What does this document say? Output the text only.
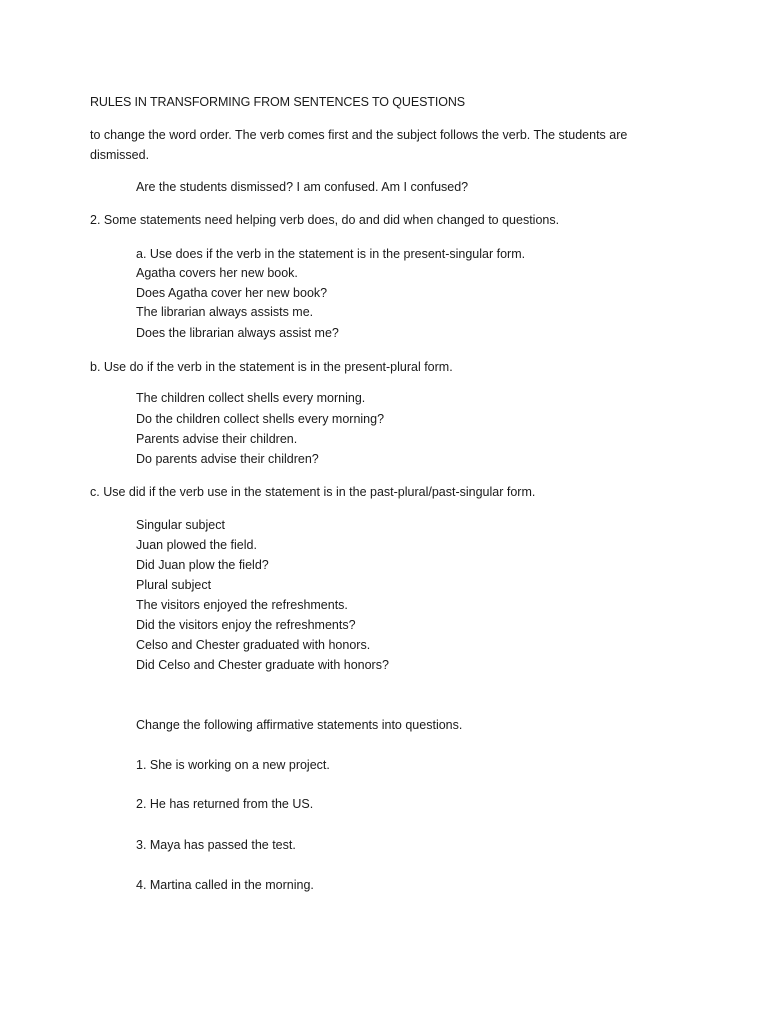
RULES IN TRANSFORMING FROM SENTENCES TO QUESTIONS
to change the word order. The verb comes first and the subject follows the verb. The students are
dismissed.
Are the students dismissed? I am confused. Am I confused?
2. Some statements need helping verb does, do and did when changed to questions.
a. Use does if the verb in the statement is in the present-singular form.
Agatha covers her new book.
Does Agatha cover her new book?
The librarian always assists me.
Does the librarian always assist me?
b. Use do if the verb in the statement is in the present-plural form.
The children collect shells every morning.
Do the children collect shells every morning?
Parents advise their children.
Do parents advise their children?
c. Use did if the verb use in the statement is in the past-plural/past-singular form.
Singular subject
Juan plowed the field.
Did Juan plow the field?
Plural subject
The visitors enjoyed the refreshments.
Did the visitors enjoy the refreshments?
Celso and Chester graduated with honors.
Did Celso and Chester graduate with honors?
Change the following affirmative statements into questions.
1. She is working on a new project.
2. He has returned from the US.
3. Maya has passed the test.
4. Martina called in the morning.
